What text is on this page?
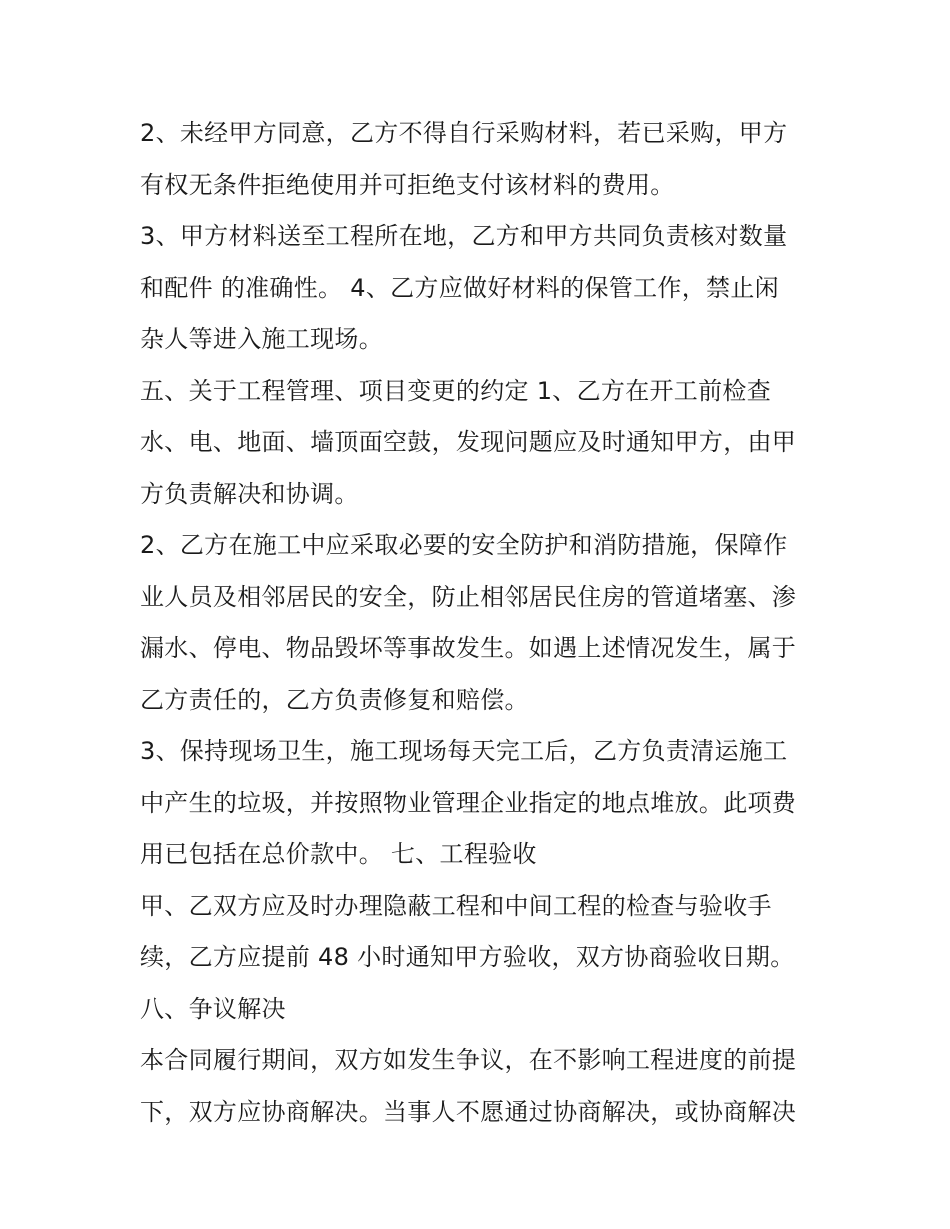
2、未经甲方同意，乙方不得自行采购材料，若已采购，甲方
有权无条件拒绝使用并可拒绝支付该材料的费用。
3、甲方材料送至工程所在地，乙方和甲方共同负责核对数量
和配件 的准确性。 4、乙方应做好材料的保管工作，禁止闲
杂人等进入施工现场。
五、关于工程管理、项目变更的约定 1、乙方在开工前检查
水、电、地面、墙顶面空鼓，发现问题应及时通知甲方，由甲
方负责解决和协调。
2、乙方在施工中应采取必要的安全防护和消防措施，保障作
业人员及相邻居民的安全，防止相邻居民住房的管道堵塞、渗
漏水、停电、物品毁坏等事故发生。如遇上述情况发生，属于
乙方责任的，乙方负责修复和赔偿。
3、保持现场卫生，施工现场每天完工后，乙方负责清运施工
中产生的垃圾，并按照物业管理企业指定的地点堆放。此项费
用已包括在总价款中。 七、工程验收
甲、乙双方应及时办理隐蔽工程和中间工程的检查与验收手
续，乙方应提前 48 小时通知甲方验收，双方协商验收日期。
八、争议解决
本合同履行期间，双方如发生争议，在不影响工程进度的前提
下，双方应协商解决。当事人不愿通过协商解决，或协商解决
